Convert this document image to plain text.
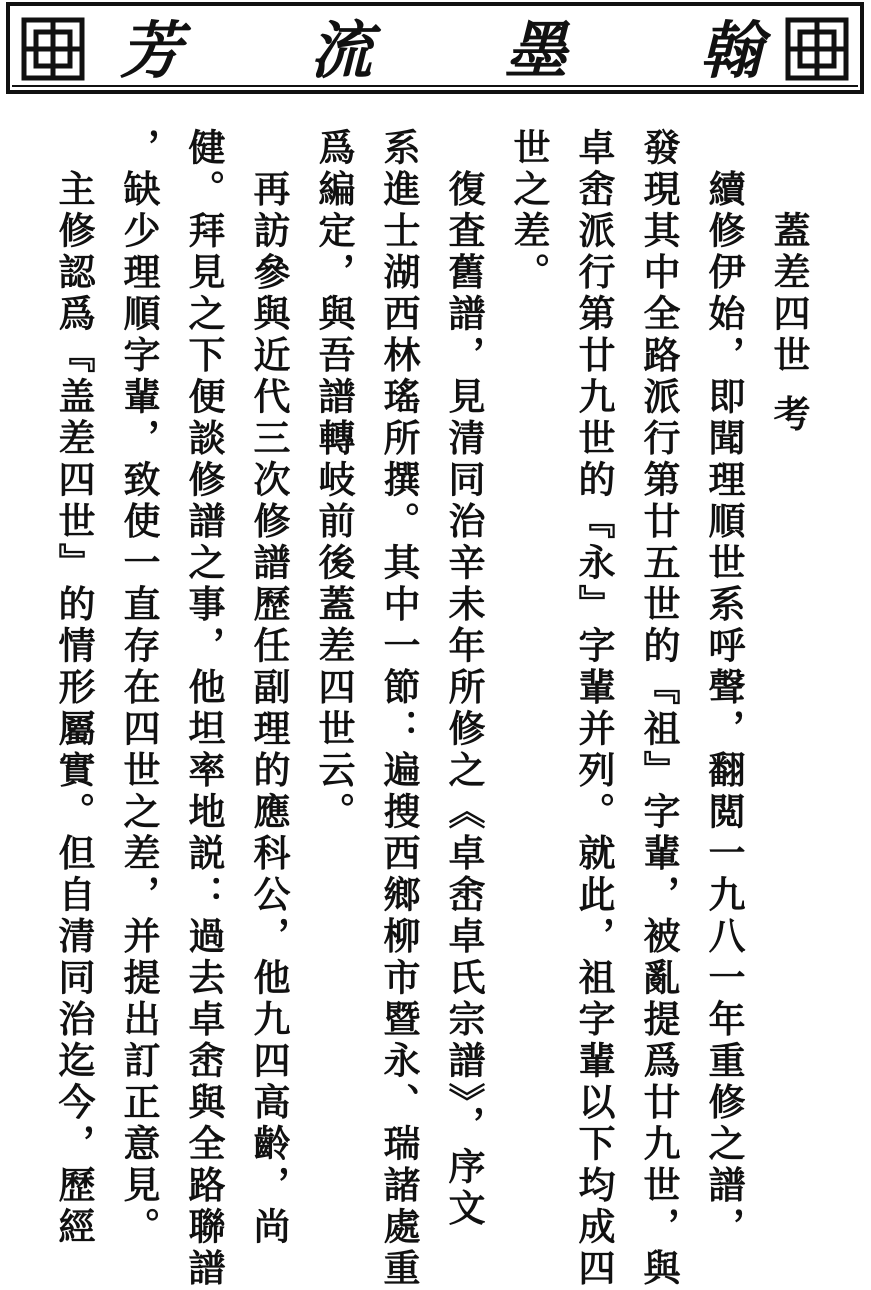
芳 流 墨 翰
　　蓋差四世 考
　續修伊始，即聞理順世系呼聲，翻閲一九八一年重修之譜，
發現其中全路派行第廿五世的『祖』字輩，被亂提爲廿九世，與
卓峹派行第廿九世的『永』字輩并列。就此，祖字輩以下均成四
世之差。
　復査舊譜，見清同治辛未年所修之《卓峹卓氏宗譜》，序文
系進士湖西林瑤所撰。其中一節：遍搜西鄉柳市暨永、瑞諸處重
爲編定，與吾譜轉岐前後蓋差四世云。
　再訪參與近代三次修譜歷任副理的應科公，他九四高齡，尚
健。拜見之下便談修譜之事，他坦率地説：過去卓峹與全路聯譜
，缺少理順字輩，致使一直存在四世之差，并提出訂正意見。
　主修認爲『盖差四世』的情形屬實。但自清同治迄今，歷經
